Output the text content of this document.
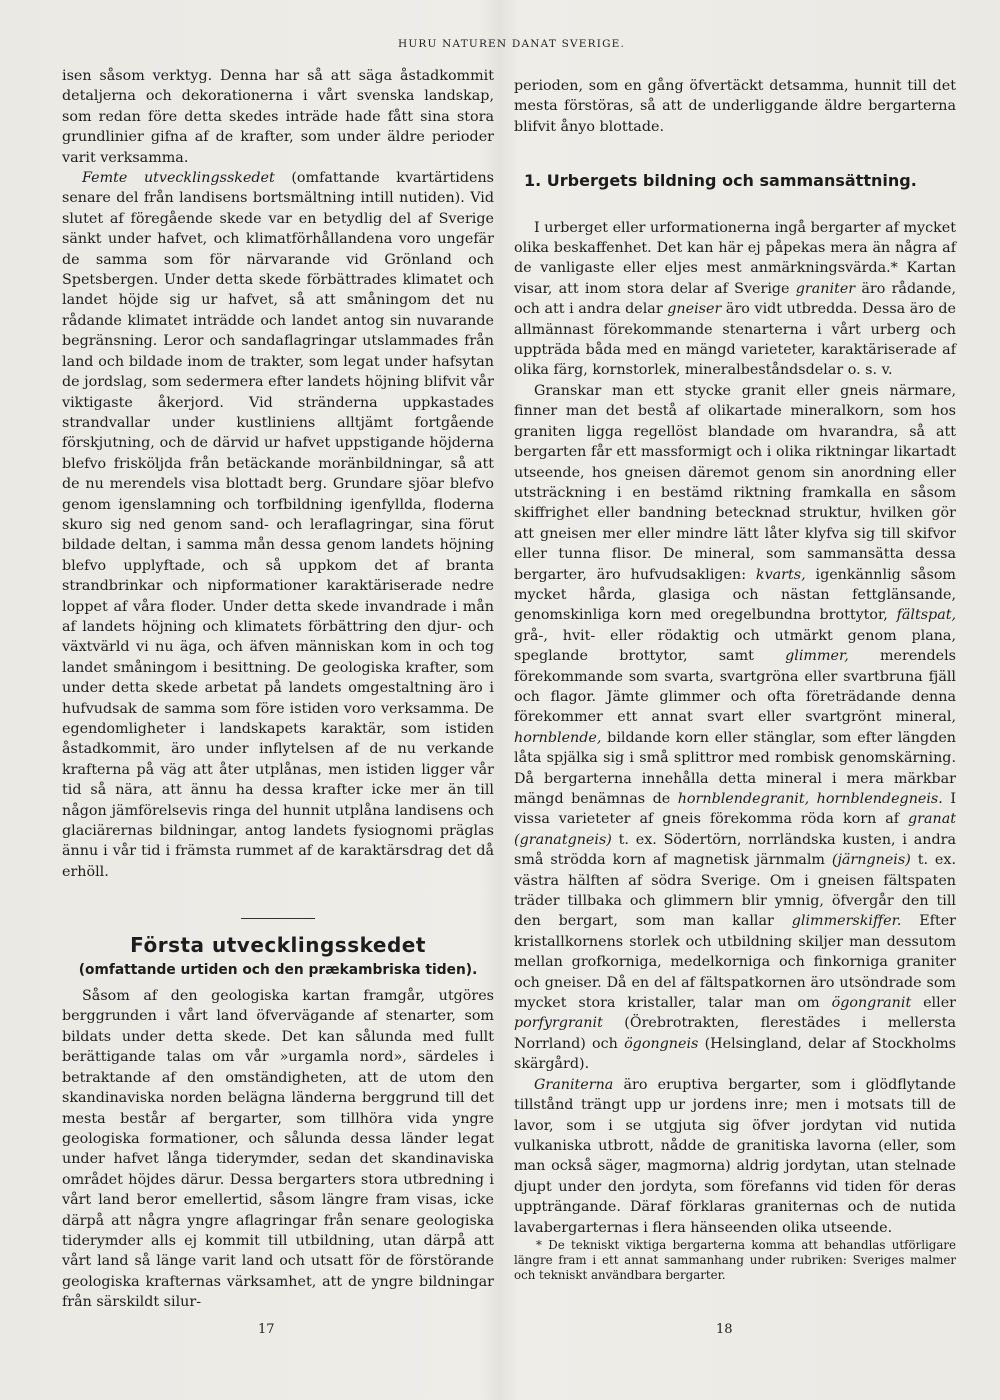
HURU NATUREN DANAT SVERIGE.

isen såsom verktyg. Denna har så att säga åstadkommit detaljerna och dekorationerna i vårt svenska landskap, som redan före detta skedes inträde hade fått sina stora grundlinier gifna af de krafter, som under äldre perioder varit verksamma.

Femte utvecklingsskedet (omfattande kvartärtidens senare del från landisens bortsmältning intill nutiden). Vid slutet af föregående skede var en betydlig del af Sverige sänkt under hafvet, och klimatförhållandena voro ungefär de samma som för närvarande vid Grönland och Spetsbergen. Under detta skede förbättrades klimatet och landet höjde sig ur hafvet, så att småningom det nu rådande klimatet inträdde och landet antog sin nuvarande begränsning. Leror och sandaflagringar utslammades från land och bildade inom de trakter, som legat under hafsytan de jordslag, som sedermera efter landets höjning blifvit vår viktigaste åkerjord. Vid stränderna uppkastades strandvallar under kustliniens alltjämt fortgående förskjutning, och de därvid ur hafvet uppstigande höjderna blefvo frisköljda från betäckande moränbildningar, så att de nu merendels visa blottadt berg. Grundare sjöar blefvo genom igenslamning och torfbildning igenfyllda, floderna skuro sig ned genom sand- och leraflagringar, sina förut bildade deltan, i samma mån dessa genom landets höjning blefvo upplyftade, och så uppkom det af branta strandbrinkar och nipformationer karaktäriserade nedre loppet af våra floder. Under detta skede invandrade i mån af landets höjning och klimatets förbättring den djur- och växtvärld vi nu äga, och äfven människan kom in och tog landet småningom i besittning. De geologiska krafter, som under detta skede arbetat på landets omgestaltning äro i hufvudsak de samma som före istiden voro verksamma. De egendomligheter i landskapets karaktär, som istiden åstadkommit, äro under inflytelsen af de nu verkande krafterna på väg att åter utplånas, men istiden ligger vår tid så nära, att ännu ha dessa krafter icke mer än till någon jämförelsevis ringa del hunnit utplåna landisens och glaciärernas bildningar, antog landets fysiognomi präglas ännu i vår tid i främsta rummet af de karaktärsdrag det då erhöll.

Första utvecklingsskedet
(omfattande urtiden och den prækambriska tiden).

Såsom af den geologiska kartan framgår, utgöres berggrunden i vårt land öfvervägande af stenarter, som bildats under detta skede. Det kan sålunda med fullt berättigande talas om vår »urgamla nord», särdeles i betraktande af den omständigheten, att de utom den skandinaviska norden belägna länderna berggrund till det mesta består af bergarter, som tillhöra vida yngre geologiska formationer, och sålunda dessa länder legat under hafvet långa tiderymder, sedan det skandinaviska området höjdes därur. Dessa bergarters stora utbredning i vårt land beror emellertid, såsom längre fram visas, icke därpå att några yngre aflagringar från senare geologiska tiderymder alls ej kommit till utbildning, utan därpå att vårt land så länge varit land och utsatt för de förstörande geologiska krafternas värksamhet, att de yngre bildningar från särskildt silur-

perioden, som en gång öfvertäckt detsamma, hunnit till det mesta förstöras, så att de underliggande äldre bergarterna blifvit ånyo blottade.

1. Urbergets bildning och sammansättning.

I urberget eller urformationerna ingå bergarter af mycket olika beskaffenhet. Det kan här ej påpekas mera än några af de vanligaste eller eljes mest anmärkningsvärda.* Kartan visar, att inom stora delar af Sverige graniter äro rådande, och att i andra delar gneiser äro vidt utbredda. Dessa äro de allmännast förekommande stenarterna i vårt urberg och uppträda båda med en mängd varieteter, karaktäriserade af olika färg, kornstorlek, mineralbeståndsdelar o. s. v.

Granskar man ett stycke granit eller gneis närmare, finner man det bestå af olikartade mineralkorn, som hos graniten ligga regellöst blandade om hvarandra, så att bergarten får ett massformigt och i olika riktningar likartadt utseende, hos gneisen däremot genom sin anordning eller utsträckning i en bestämd riktning framkalla en såsom skiffrighet eller bandning betecknad struktur, hvilken gör att gneisen mer eller mindre lätt låter klyfva sig till skifvor eller tunna flisor. De mineral, som sammansätta dessa bergarter, äro hufvudsakligen: kvarts, igenkännlig såsom mycket hårda, glasiga och nästan fettglänsande, genomskinliga korn med oregelbundna brottytor, fältspat, grå-, hvit- eller rödaktig och utmärkt genom plana, speglande brottytor, samt glimmer, merendels förekommande som svarta, svartgröna eller svartbruna fjäll och flagor. Jämte glimmer och ofta företrädande denna förekommer ett annat svart eller svartgrönt mineral, hornblende, bildande korn eller stänglar, som efter längden låta spjälka sig i små splittror med rombisk genomskärning. Då bergarterna innehålla detta mineral i mera märkbar mängd benämnas de hornblendegranit, hornblendegneis. I vissa varieteter af gneis förekomma röda korn af granat (granatgneis) t. ex. Södertörn, norrländska kusten, i andra små strödda korn af magnetisk järnmalm (järngneis) t. ex. västra hälften af södra Sverige. Om i gneisen fältspaten träder tillbaka och glimmern blir ymnig, öfvergår den till den bergart, som man kallar glimmerskiffer. Efter kristallkornens storlek och utbildning skiljer man dessutom mellan grofkorniga, medelkorniga och finkorniga graniter och gneiser. Då en del af fältspatkornen äro utsöndrade som mycket stora kristaller, talar man om ögongranit eller porfyrgranit (Örebrotrakten, flerestädes i mellersta Norrland) och ögongneis (Helsingland, delar af Stockholms skärgård).

Graniterna äro eruptiva bergarter, som i glödflytande tillstånd trängt upp ur jordens inre; men i motsats till de lavor, som i se utgjuta sig öfver jordytan vid nutida vulkaniska utbrott, nådde de granitiska lavorna (eller, som man också säger, magmorna) aldrig jordytan, utan stelnade djupt under den jordyta, som förefanns vid tiden för deras uppträngande. Däraf förklaras graniternas och de nutida lavabergarternas i flera hänseenden olika utseende.

* De tekniskt viktiga bergarterna komma att behandlas utförligare längre fram i ett annat sammanhang under rubriken: Sveriges malmer och tekniskt användbara bergarter.

17	18
